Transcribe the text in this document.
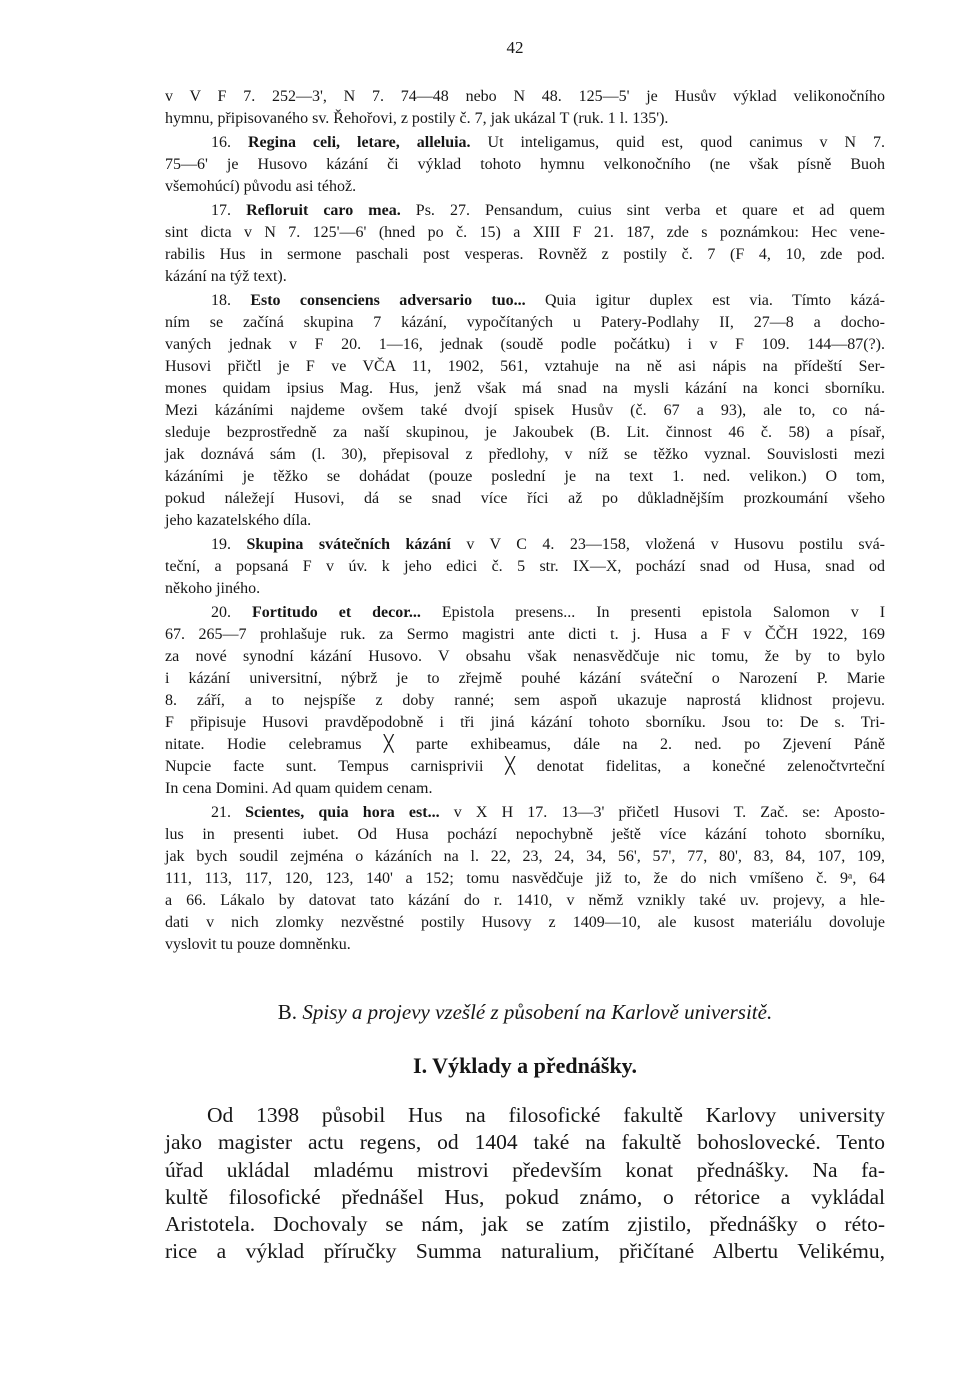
42
v V F 7. 252—3', N 7. 74—48 nebo N 48. 125—5' je Husův výklad velikonočního
hymnu, připisovaného sv. Řehořovi, z postily č. 7, jak ukázal T (ruk. 1 l. 135').
16. Regina celi, letare, alleluia. Ut inteligamus, quid est, quod canimus v N 7.
75—6' je Husovo kázání či výklad tohoto hymnu velkonočního (ne však písně Buoh
všemohúcí) původu asi téhož.
17. Refloruit caro mea. Ps. 27. Pensandum, cuius sint verba et quare et ad quem
sint dicta v N 7. 125'—6' (hned po č. 15) a XIII F 21. 187, zde s poznámkou: Hec vene-
rabilis Hus in sermone paschali post vesperas. Rovněž z postily č. 7 (F 4, 10, zde pod.
kázání na týž text).
18. Esto consenciens adversario tuo... Quia igitur duplex est via. Tímto kázá-
ním se začíná skupina 7 kázání, vypočítaných u Patery-Podlahy II, 27—8 a docho-
vaných jednak v F 20. 1—16, jednak (soudě podle počátku) i v F 109. 144—87(?).
Husovi přičtl je F ve VČA 11, 1902, 561, vztahuje na ně asi nápis na přídeští Ser-
mones quidam ipsius Mag. Hus, jenž však má snad na mysli kázání na konci sborníku.
Mezi kázáními najdeme ovšem také dvojí spisek Husův (č. 67 a 93), ale to, co ná-
sleduje bezprostředně za naší skupinou, je Jakoubek (B. Lit. činnost 46 č. 58) a písař,
jak doznává sám (l. 30), přepisoval z předlohy, v níž se těžko vyznal. Souvislosti mezi
kázáními je těžko se dohádat (pouze poslední je na text 1. ned. velikon.) O tom,
pokud náležejí Husovi, dá se snad více říci až po důkladnějším prozkoumání všeho
jeho kazatelského díla.
19. Skupina svátečních kázání v V C 4. 23—158, vložená v Husovu postilu svá-
teční, a popsaná F v úv. k jeho edici č. 5 str. IX—X, pochází snad od Husa, snad od
někoho jiného.
20. Fortitudo et decor... Epistola presens... In presenti epistola Salomon v I
67. 265—7 prohlašuje ruk. za Sermo magistri ante dicti t. j. Husa a F v ČČH 1922, 169
za nové synodní kázání Husovo. V obsahu však nenasvědčuje nic tomu, že by to bylo
i kázání universitní, nýbrž je to zřejmě pouhé kázání sváteční o Narození P. Marie
8. září, a to nejspíše z doby ranné; sem aspoň ukazuje naprostá klidnost projevu.
F připisuje Husovi pravděpodobně i tři jiná kázání tohoto sborníku. Jsou to: De s. Tri-
nitate. Hodie celebramus ╳ parte exhibeamus, dále na 2. ned. po Zjevení Páně
Nupcie facte sunt. Tempus carnisprivii ╳ denotat fidelitas, a konečné zelenočtvrteční
In cena Domini. Ad quam quidem cenam.
21. Scientes, quia hora est... v X H 17. 13—3' přičetl Husovi T. Zač. se: Aposto-
lus in presenti iubet. Od Husa pochází nepochybně ještě více kázání tohoto sborníku,
jak bych soudil zejména o kázáních na l. 22, 23, 24, 34, 56', 57', 77, 80', 83, 84, 107, 109,
111, 113, 117, 120, 123, 140' a 152; tomu nasvědčuje již to, že do nich vmíšeno č. 9ᵃ, 64
a 66. Lákalo by datovat tato kázání do r. 1410, v němž vznikly také uv. projevy, a hle-
dati v nich zlomky nezvěstné postily Husovy z 1409—10, ale kusost materiálu dovoluje
vyslovit tu pouze domněnku.
B. Spisy a projevy vzešlé z působení na Karlově universitě.
I. Výklady a přednášky.
Od 1398 působil Hus na filosofické fakultě Karlovy university
jako magister actu regens, od 1404 také na fakultě bohoslovecké. Tento
úřad ukládal mladému mistrovi především konat přednášky. Na fa-
kultě filosofické přednášel Hus, pokud známo, o rétorice a vykládal
Aristotela. Dochovaly se nám, jak se zatím zjistilo, přednášky o réto-
rice a výklad příručky Summa naturalium, přičítané Albertu Velikému,
